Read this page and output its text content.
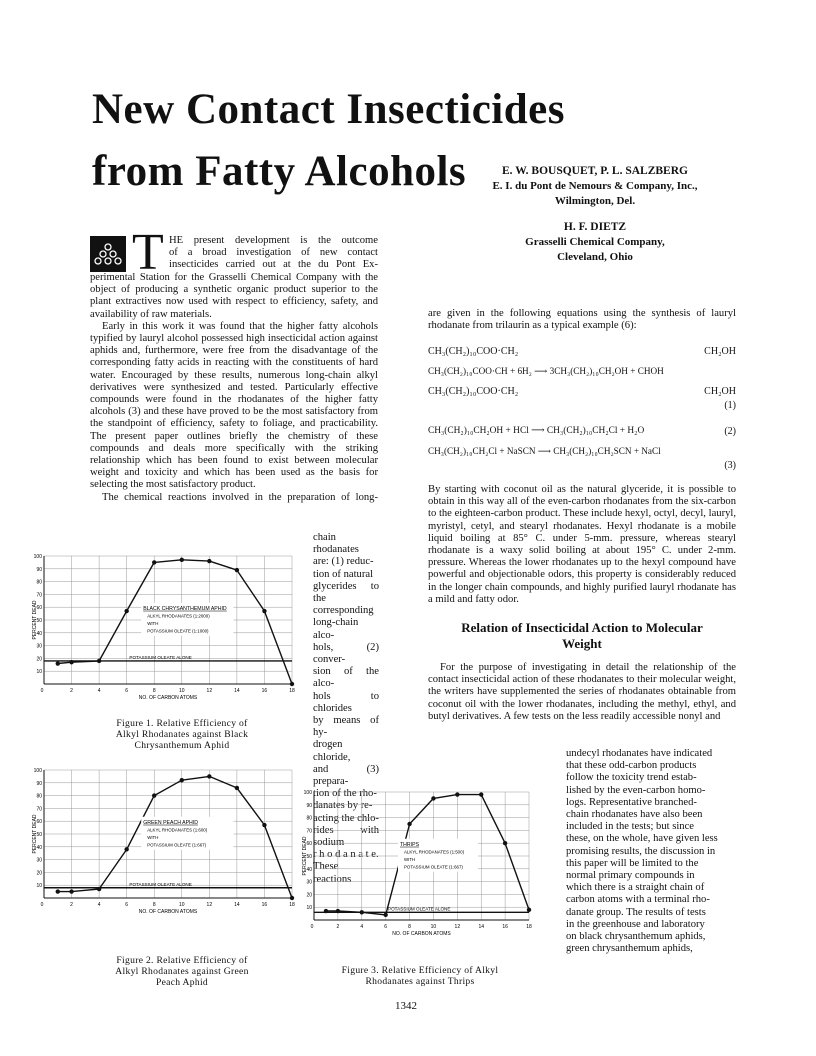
New Contact Insecticides
from Fatty Alcohols	E. W. BOUSQUET, P. L. SALZBERG
E. I. du Pont de Nemours & Company, Inc.,
Wilmington, Del.
H. F. DIETZ
Grasselli Chemical Company,
Cleveland, Ohio
T HE present development is the outcome
of a broad investigation of new contact
insecticides carried out at the du Pont Ex-

perimental Station for the Grasselli Chemical Company with the object of producing a synthetic organic product superior to the plant extractives now used with respect to efficiency, safety, and availability of raw materials.

Early in this work it was found that the higher fatty alcohols typified by lauryl alcohol possessed high insecticidal action against aphids and, furthermore, were free from the disadvantage of the corresponding fatty acids in reacting with the constituents of hard water. Encouraged by these results, numerous long-chain alkyl derivatives were synthesized and tested. Particularly effective compounds were found in the rhodanates of the higher fatty alcohols (3) and these have proved to be the most satisfactory from the standpoint of efficiency, safety to foliage, and practicability. The present paper outlines briefly the chemistry of these compounds and deals more specifically with the striking relationship which has been found to exist between molecular weight and toxicity and which has been used as the basis for selecting the most satisfactory product.

The chemical reactions involved in the preparation of long-

chain rhodanates
are: (1) reduc-
tion of natural
glycerides to the
corresponding
long-chain alco-
hols, (2) conver-
sion of the alco-
hols to chlorides
by means of hy-
drogen chloride,
and (3) prepara-
tion of the rho-
danates by re-
acting the chlo-
rides with sodium
r h o d a n a t e.
These reactions
10
20
30
40
50
60
70
80
90
100
2	4	6	8	10	12	14	16	18
0
NO. OF CARBON ATOMS
PERCENT DEAD
POTASSIUM OLEATE ALONE
BLACK CHRYSANTHEMUM APHID
ALKYL RHODANATES (1:2000)
WITH
POTASSIUM OLEATE (1:1000)
Figure 1. Relative Efficiency of
Alkyl Rhodanates against Black
Chrysanthemum Aphid
10
20
30
40
50
60
70
80
90
100
2	4	6	8	10	12	14	16	18
0
NO. OF CARBON ATOMS
PERCENT DEAD
POTASSIUM OLEATE ALONE
GREEN PEACH APHID
ALKYL RHODANATES (1:600)
WITH
POTASSIUM OLEATE (1:667)
Figure 2. Relative Efficiency of
Alkyl Rhodanates against Green
Peach Aphid
10
20
30
40
50
60
70
80
90
100
2	4	6	8	10	12	14	16	18
0
NO. OF CARBON ATOMS
PERCENT DEAD
POTASSIUM OLEATE ALONE
THRIPS
ALKYL RHODANATES (1:500)
WITH
POTASSIUM OLEATE (1:667)
Figure 3. Relative Efficiency of Alkyl
Rhodanates against Thrips

are given in the following equations using the synthesis of lauryl rhodanate from trilaurin as a typical example (6):

CH₃(CH₂)₁₀COO·CH₂	CH₂OH
CH₃(CH₂)₁₀COO·CH + 6H₂ ⟶ 3CH₃(CH₂)₁₀CH₂OH + CHOH
CH₃(CH₂)₁₀COO·CH₂	CH₂OH
(1)
CH₃(CH₂)₁₀CH₂OH + HCl ⟶ CH₃(CH₂)₁₀CH₂Cl + H₂O	(2)
CH₃(CH₂)₁₀CH₂Cl + NaSCN ⟶ CH₃(CH₂)₁₀CH₂SCN + NaCl
(3)

By starting with coconut oil as the natural glyceride, it is possible to obtain in this way all of the even-carbon rhodanates from the six-carbon to the eighteen-carbon product. These include hexyl, octyl, decyl, lauryl, myristyl, cetyl, and stearyl rhodanates. Hexyl rhodanate is a mobile liquid boiling at 85° C. under 5-mm. pressure, whereas stearyl rhodanate is a waxy solid boiling at about 195° C. under 2-mm. pressure. Whereas the lower rhodanates up to the hexyl compound have powerful and objectionable odors, this property is considerably reduced in the longer chain compounds, and highly purified lauryl rhodanate has a mild and fatty odor.

Relation of Insecticidal Action to Molecular
Weight

For the purpose of investigating in detail the relationship of the contact insecticidal action of these rhodanates to their molecular weight, the writers have supplemented the series of rhodanates obtainable from coconut oil with the lower rhodanates, including the methyl, ethyl, and butyl derivatives. A few tests on the less readily accessible nonyl and

undecyl rhodanates have indicated
that these odd-carbon products
follow the toxicity trend estab-
lished by the even-carbon homo-
logs. Representative branched-
chain rhodanates have also been
included in the tests; but since
these, on the whole, have given less
promising results, the discussion in
this paper will be limited to the
normal primary compounds in
which there is a straight chain of
carbon atoms with a terminal rho-
danate group. The results of tests
in the greenhouse and laboratory
on black chrysanthemum aphids,
green chrysanthemum aphids,
1342
